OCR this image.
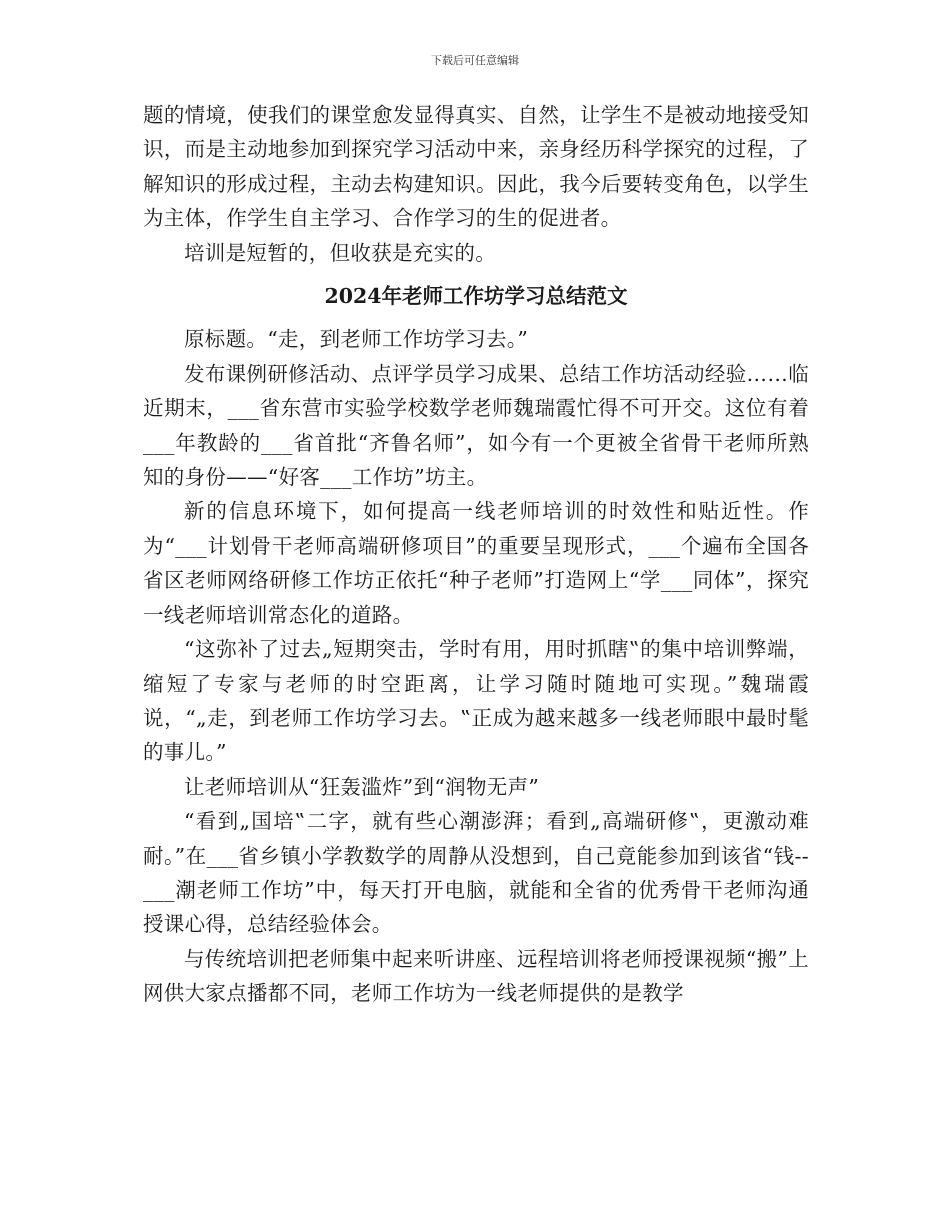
下载后可任意编辑

题的情境，使我们的课堂愈发显得真实、自然，让学生不是被动地接受知识，而是主动地参加到探究学习活动中来，亲身经历科学探究的过程，了解知识的形成过程，主动去构建知识。因此，我今后要转变角色，以学生为主体，作学生自主学习、合作学习的生的促进者。

培训是短暂的，但收获是充实的。

2024年老师工作坊学习总结范文

原标题。“走，到老师工作坊学习去。”

发布课例研修活动、点评学员学习成果、总结工作坊活动经验……临近期末，___省东营市实验学校数学老师魏瑞霞忙得不可开交。这位有着___年教龄的___省首批“齐鲁名师”，如今有一个更被全省骨干老师所熟知的身份——“好客___工作坊”坊主。

新的信息环境下，如何提高一线老师培训的时效性和贴近性。作为“___计划骨干老师高端研修项目”的重要呈现形式，___个遍布全国各省区老师网络研修工作坊正依托“种子老师”打造网上“学___同体”，探究一线老师培训常态化的道路。

“这弥补了过去„短期突击，学时有用，用时抓瞎‟的集中培训弊端，缩短了专家与老师的时空距离，让学习随时随地可实现。”魏瑞霞说，“„走，到老师工作坊学习去。‟正成为越来越多一线老师眼中最时髦的事儿。”

让老师培训从“狂轰滥炸”到“润物无声”

“看到„国培‟二字，就有些心潮澎湃；看到„高端研修‟，更激动难耐。”在___省乡镇小学教数学的周静从没想到，自己竟能参加到该省“钱--___潮老师工作坊”中，每天打开电脑，就能和全省的优秀骨干老师沟通授课心得，总结经验体会。

与传统培训把老师集中起来听讲座、远程培训将老师授课视频“搬”上网供大家点播都不同，老师工作坊为一线老师提供的是教学
